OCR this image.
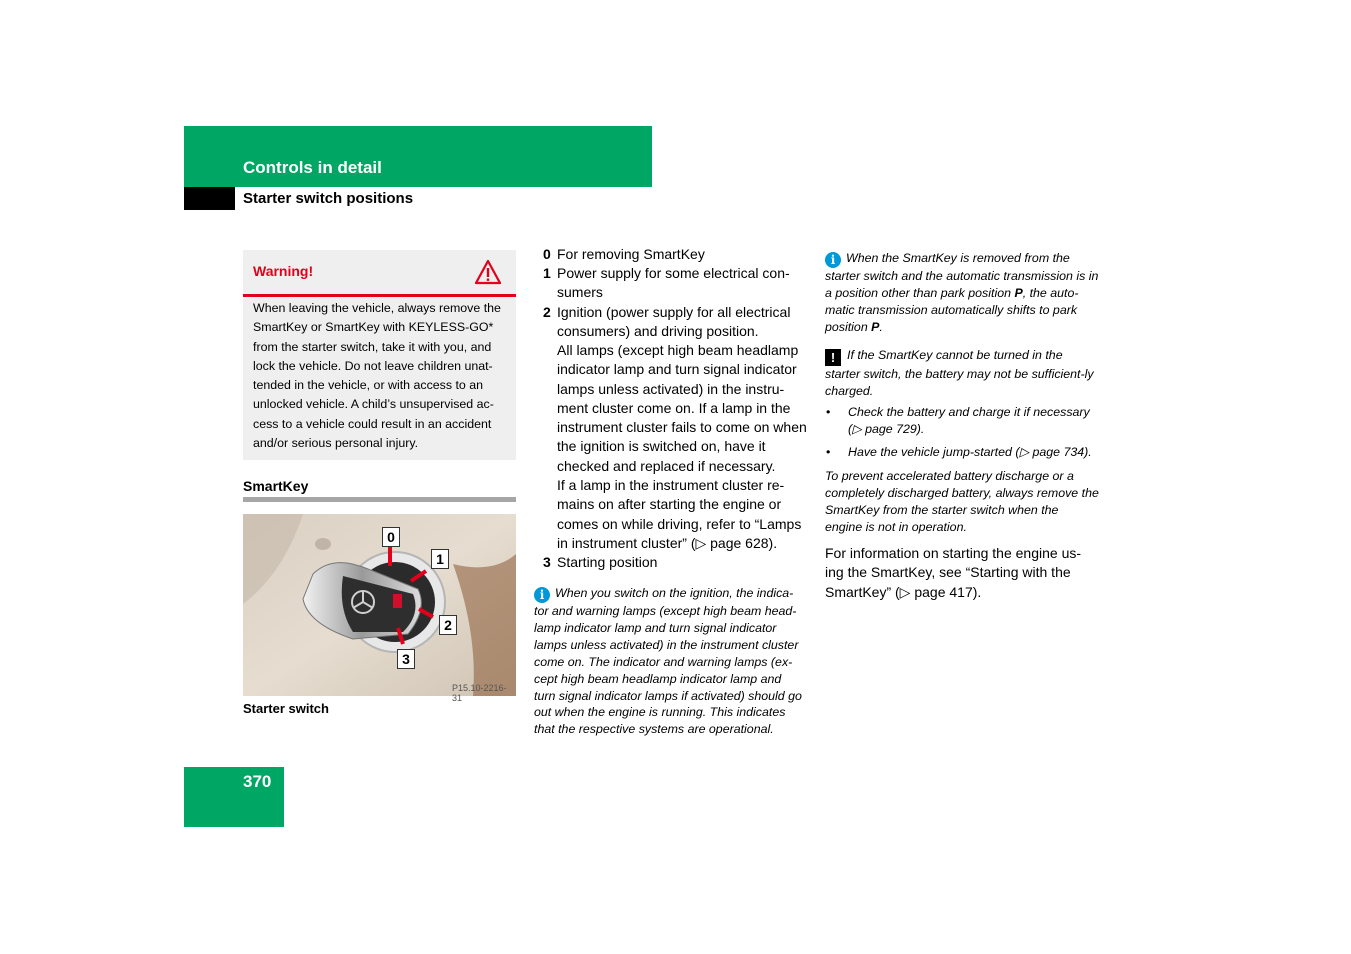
Controls in detail
Starter switch positions
Warning!
When leaving the vehicle, always remove the SmartKey or SmartKey with KEYLESS-GO* from the starter switch, take it with you, and lock the vehicle. Do not leave children unat-tended in the vehicle, or with access to an unlocked vehicle. A child’s unsupervised ac-cess to a vehicle could result in an accident and/or serious personal injury.
SmartKey
0
1
2
3
P15.10-2216-31
Starter switch
0 For removing SmartKey
1 Power supply for some electrical con-sumers
2 Ignition (power supply for all electrical consumers) and driving position.
All lamps (except high beam headlamp indicator lamp and turn signal indicator lamps unless activated) in the instru-ment cluster come on. If a lamp in the instrument cluster fails to come on when the ignition is switched on, have it checked and replaced if necessary.
If a lamp in the instrument cluster re-mains on after starting the engine or comes on while driving, refer to “Lamps in instrument cluster” (▷ page 628).
3 Starting position
i When you switch on the ignition, the indica-tor and warning lamps (except high beam head-lamp indicator lamp and turn signal indicator lamps unless activated) in the instrument cluster come on. The indicator and warning lamps (ex-cept high beam headlamp indicator lamp and turn signal indicator lamps if activated) should go out when the engine is running. This indicates that the respective systems are operational.
i When the SmartKey is removed from the starter switch and the automatic transmission is in a position other than park position P, the auto-matic transmission automatically shifts to park position P.
! If the SmartKey cannot be turned in the starter switch, the battery may not be sufficient-ly charged.
• Check the battery and charge it if necessary (▷ page 729).
• Have the vehicle jump-started (▷ page 734).
To prevent accelerated battery discharge or a completely discharged battery, always remove the SmartKey from the starter switch when the engine is not in operation.
For information on starting the engine us-ing the SmartKey, see “Starting with the SmartKey” (▷ page 417).
370
